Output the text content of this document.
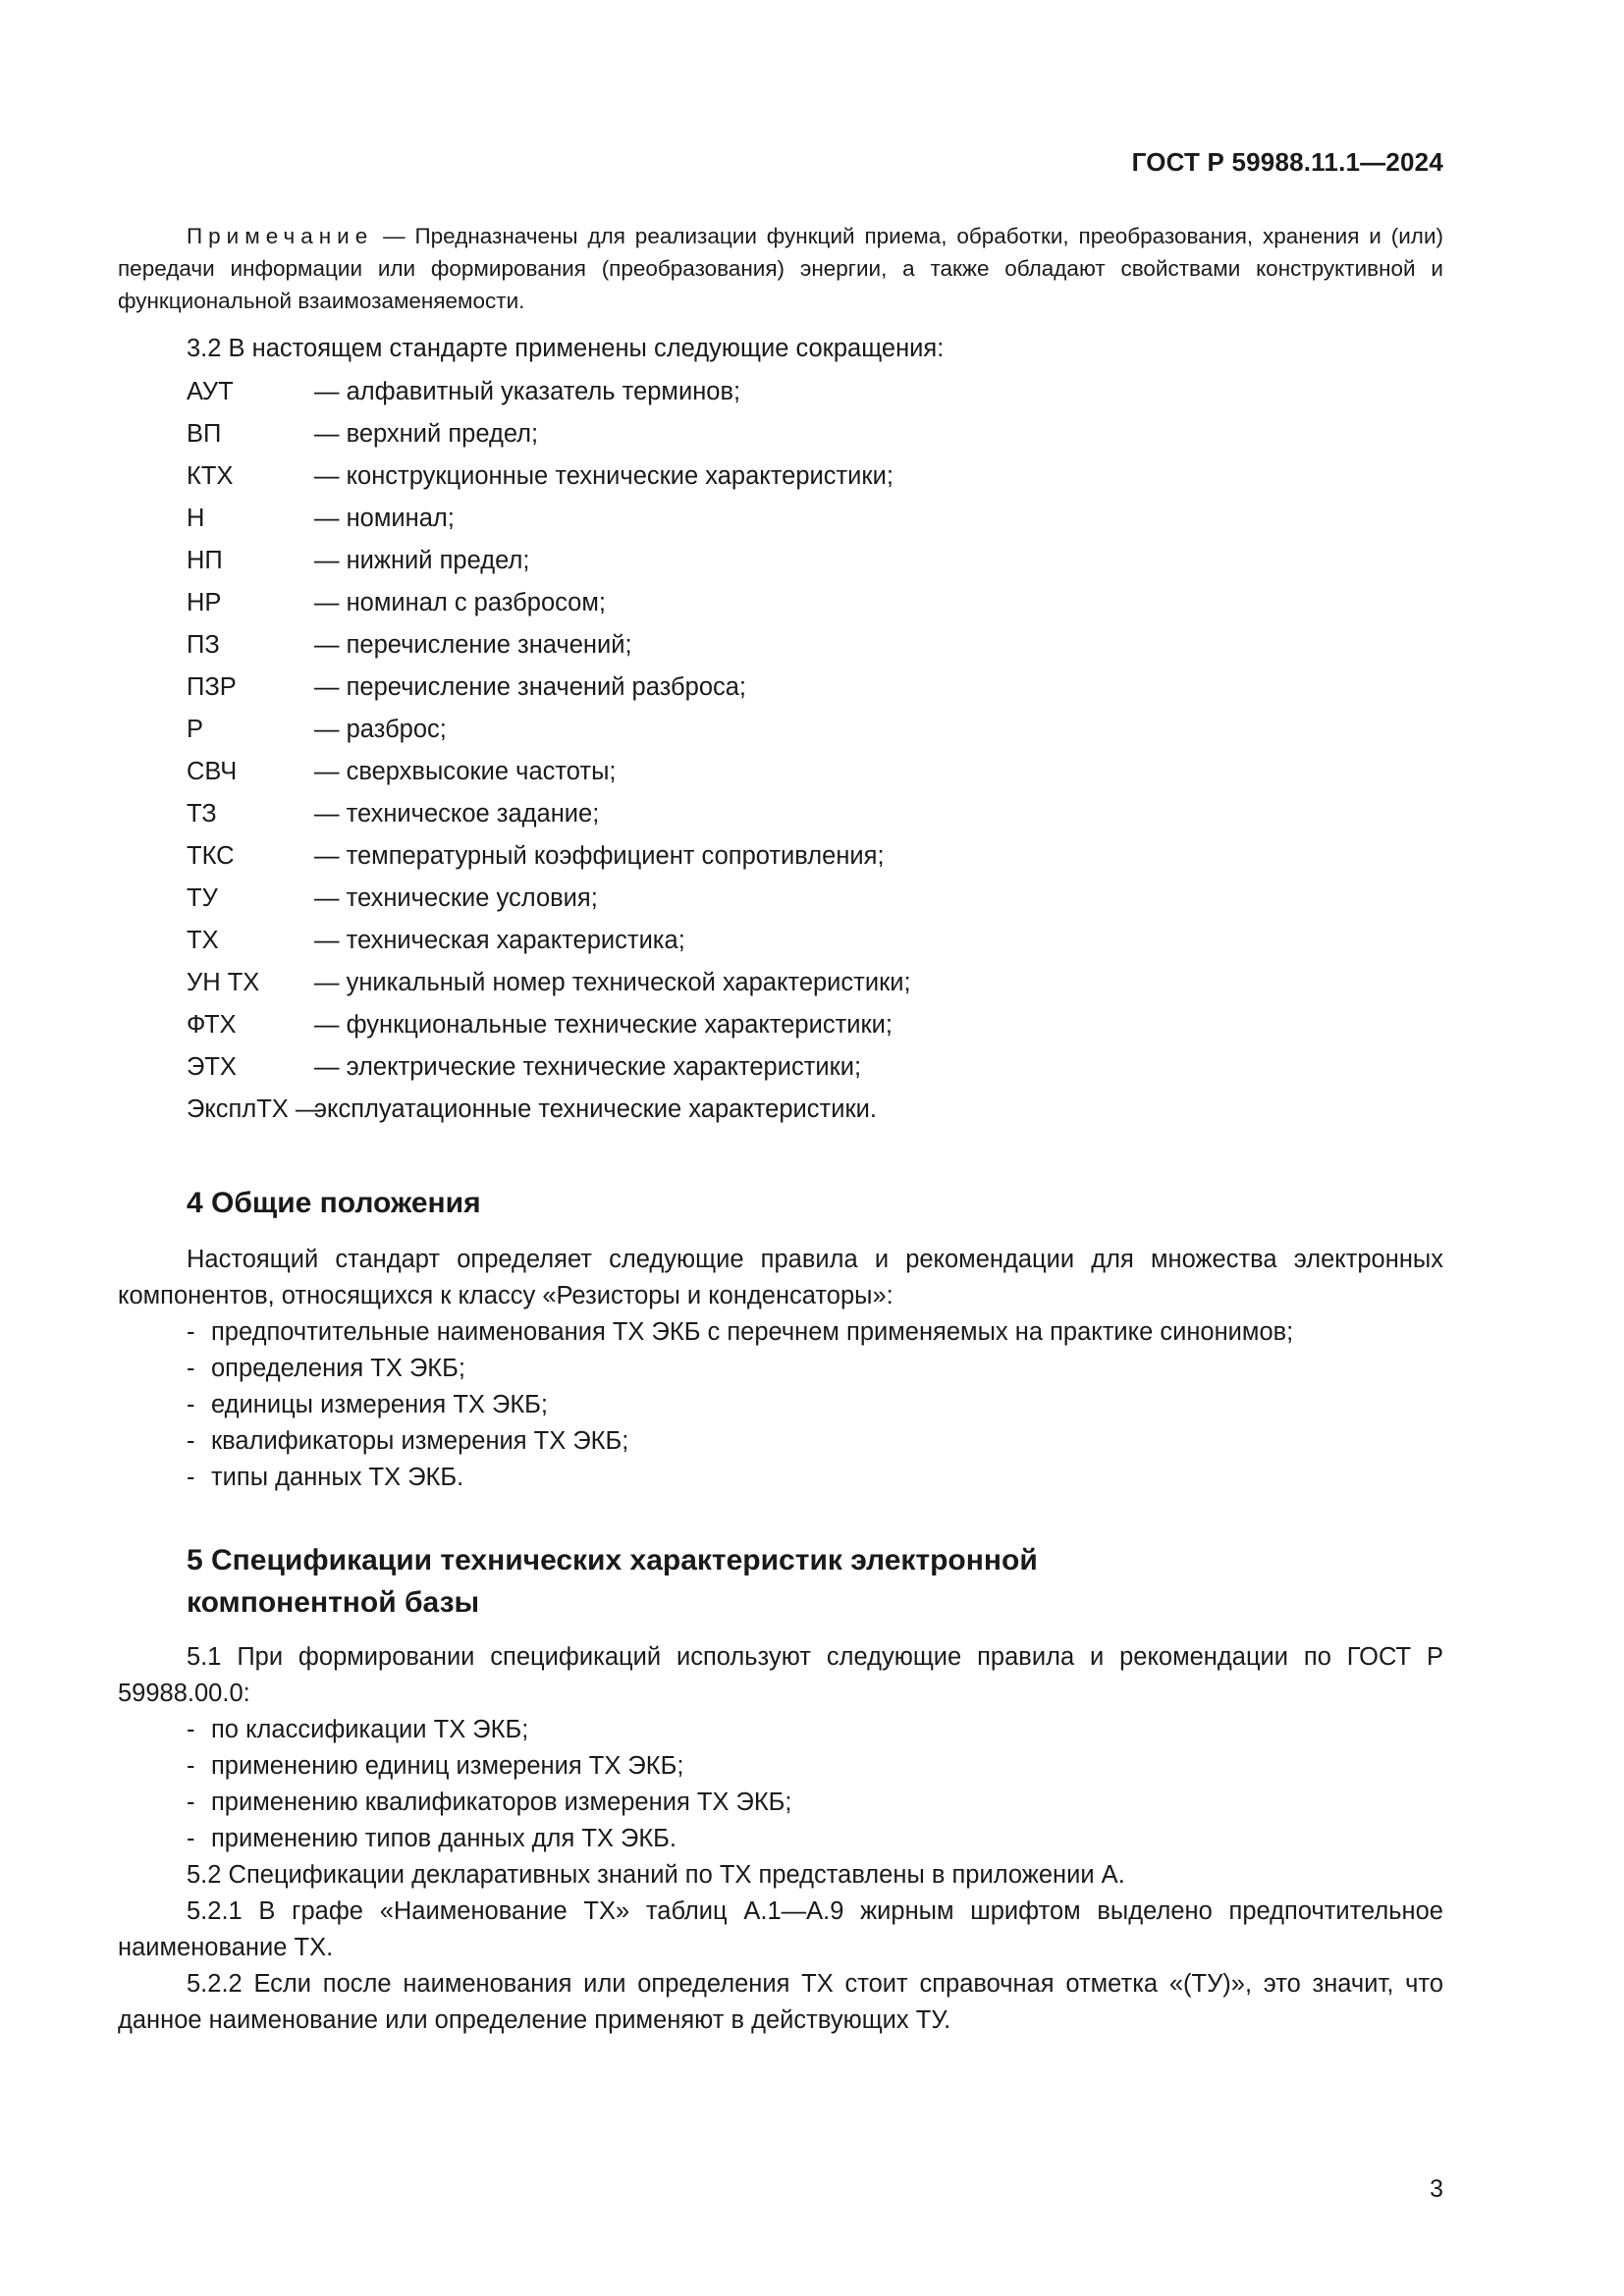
ГОСТ Р 59988.11.1—2024

Примечание — Предназначены для реализации функций приема, обработки, преобразования, хранения и (или) передачи информации или формирования (преобразования) энергии, а также обладают свойствами конструктивной и функциональной взаимозаменяемости.

3.2 В настоящем стандарте применены следующие сокращения:

АУТ	— алфавитный указатель терминов;
ВП	— верхний предел;
КТХ	— конструкционные технические характеристики;
Н	— номинал;
НП	— нижний предел;
НР	— номинал с разбросом;
ПЗ	— перечисление значений;
ПЗР	— перечисление значений разброса;
Р	— разброс;
СВЧ	— сверхвысокие частоты;
ТЗ	— техническое задание;
ТКС	— температурный коэффициент сопротивления;
ТУ	— технические условия;
ТХ	— техническая характеристика;
УН ТХ	— уникальный номер технической характеристики;
ФТХ	— функциональные технические характеристики;
ЭТХ	— электрические технические характеристики;
ЭксплТХ —
эксплуатационные технические характеристики.
4 Общие положения

Настоящий стандарт определяет следующие правила и рекомендации для множества электронных компонентов, относящихся к классу «Резисторы и конденсаторы»:

- предпочтительные наименования ТХ ЭКБ с перечнем применяемых на практике синонимов;
- определения ТХ ЭКБ;
- единицы измерения ТХ ЭКБ;
- квалификаторы измерения ТХ ЭКБ;
- типы данных ТХ ЭКБ.
5 Спецификации технических характеристик электронной
компонентной базы

5.1 При формировании спецификаций используют следующие правила и рекомендации по ГОСТ Р 59988.00.0:

- по классификации ТХ ЭКБ;
- применению единиц измерения ТХ ЭКБ;
- применению квалификаторов измерения ТХ ЭКБ;
- применению типов данных для ТХ ЭКБ.

5.2 Спецификации декларативных знаний по ТХ представлены в приложении А.

5.2.1 В графе «Наименование ТХ» таблиц А.1—А.9 жирным шрифтом выделено предпочтительное наименование ТХ.

5.2.2 Если после наименования или определения ТХ стоит справочная отметка «(ТУ)», это значит, что данное наименование или определение применяют в действующих ТУ.

3
